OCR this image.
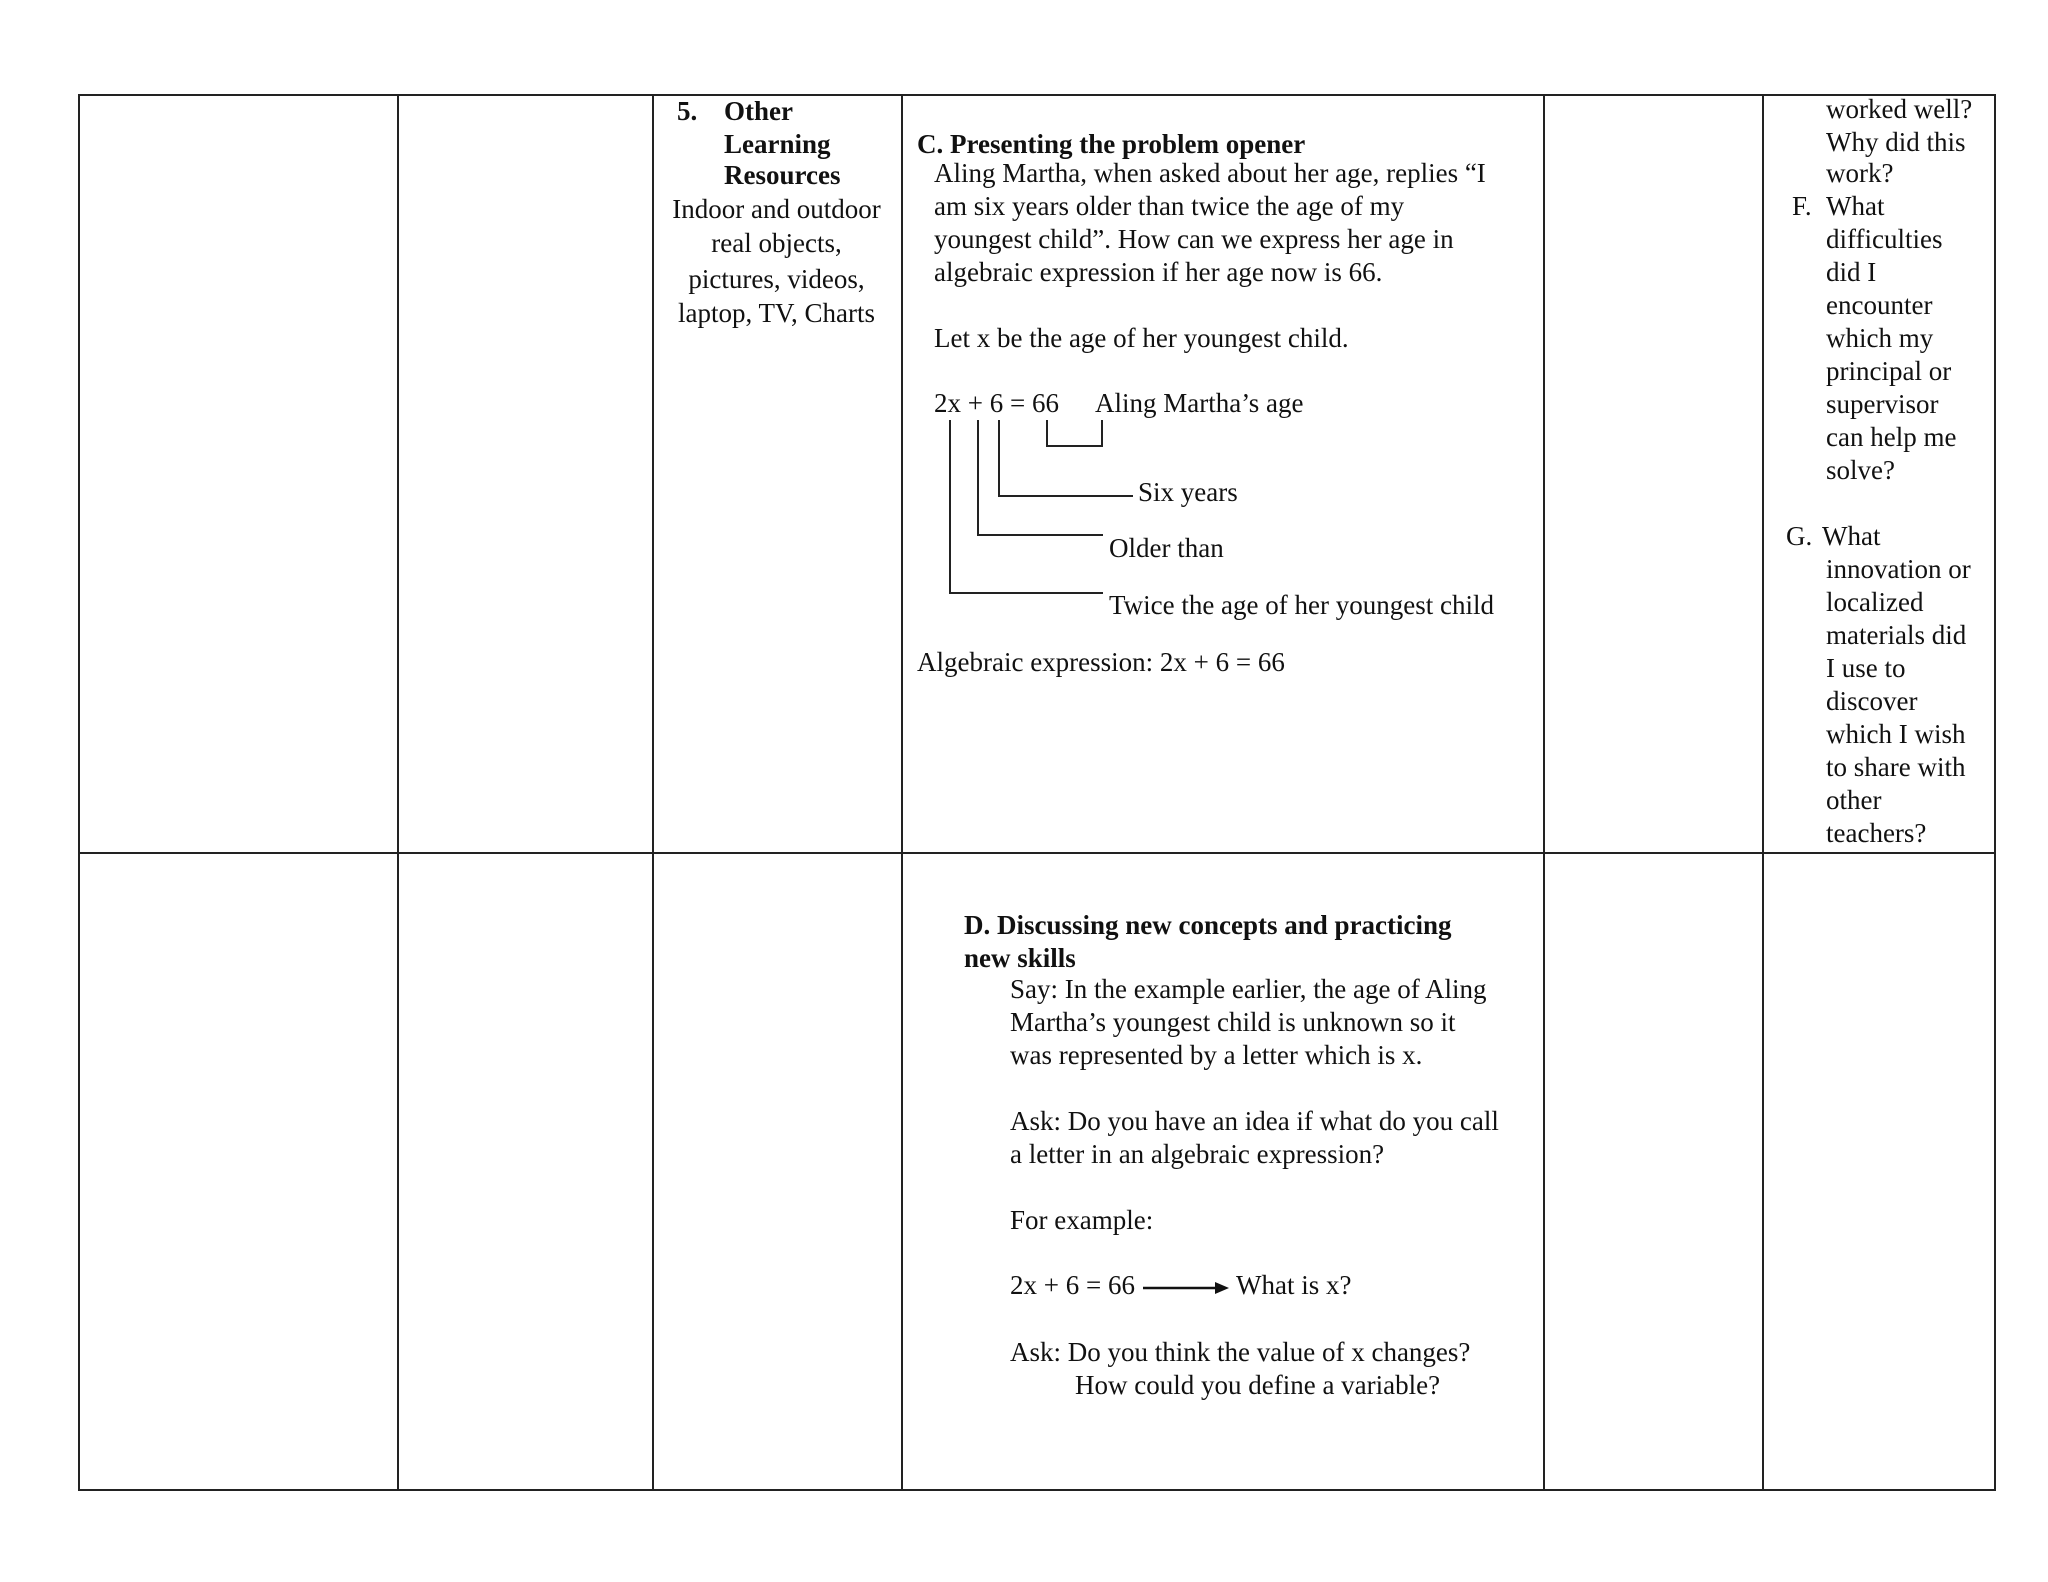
5. Other
Learning
Resources
Indoor and outdoor
real objects,
pictures, videos,
laptop, TV, Charts
C. Presenting the problem opener
Aling Martha, when asked about her age, replies “I
am six years older than twice the age of my
youngest child”. How can we express her age in
algebraic expression if her age now is 66.
Let x be the age of her youngest child.
2x + 6 = 66 Aling Martha’s age
Six years
Older than
Twice the age of her youngest child
Algebraic expression: 2x + 6 = 66
worked well?
Why did this
work?
F. What
difficulties
did I
encounter
which my
principal or
supervisor
can help me
solve?
G. What
innovation or
localized
materials did
I use to
discover
which I wish
to share with
other
teachers?
D. Discussing new concepts and practicing
new skills
Say: In the example earlier, the age of Aling
Martha’s youngest child is unknown so it
was represented by a letter which is x.
Ask: Do you have an idea if what do you call
a letter in an algebraic expression?
For example:
2x + 6 = 66	What is x?
Ask: Do you think the value of x changes?
How could you define a variable?
